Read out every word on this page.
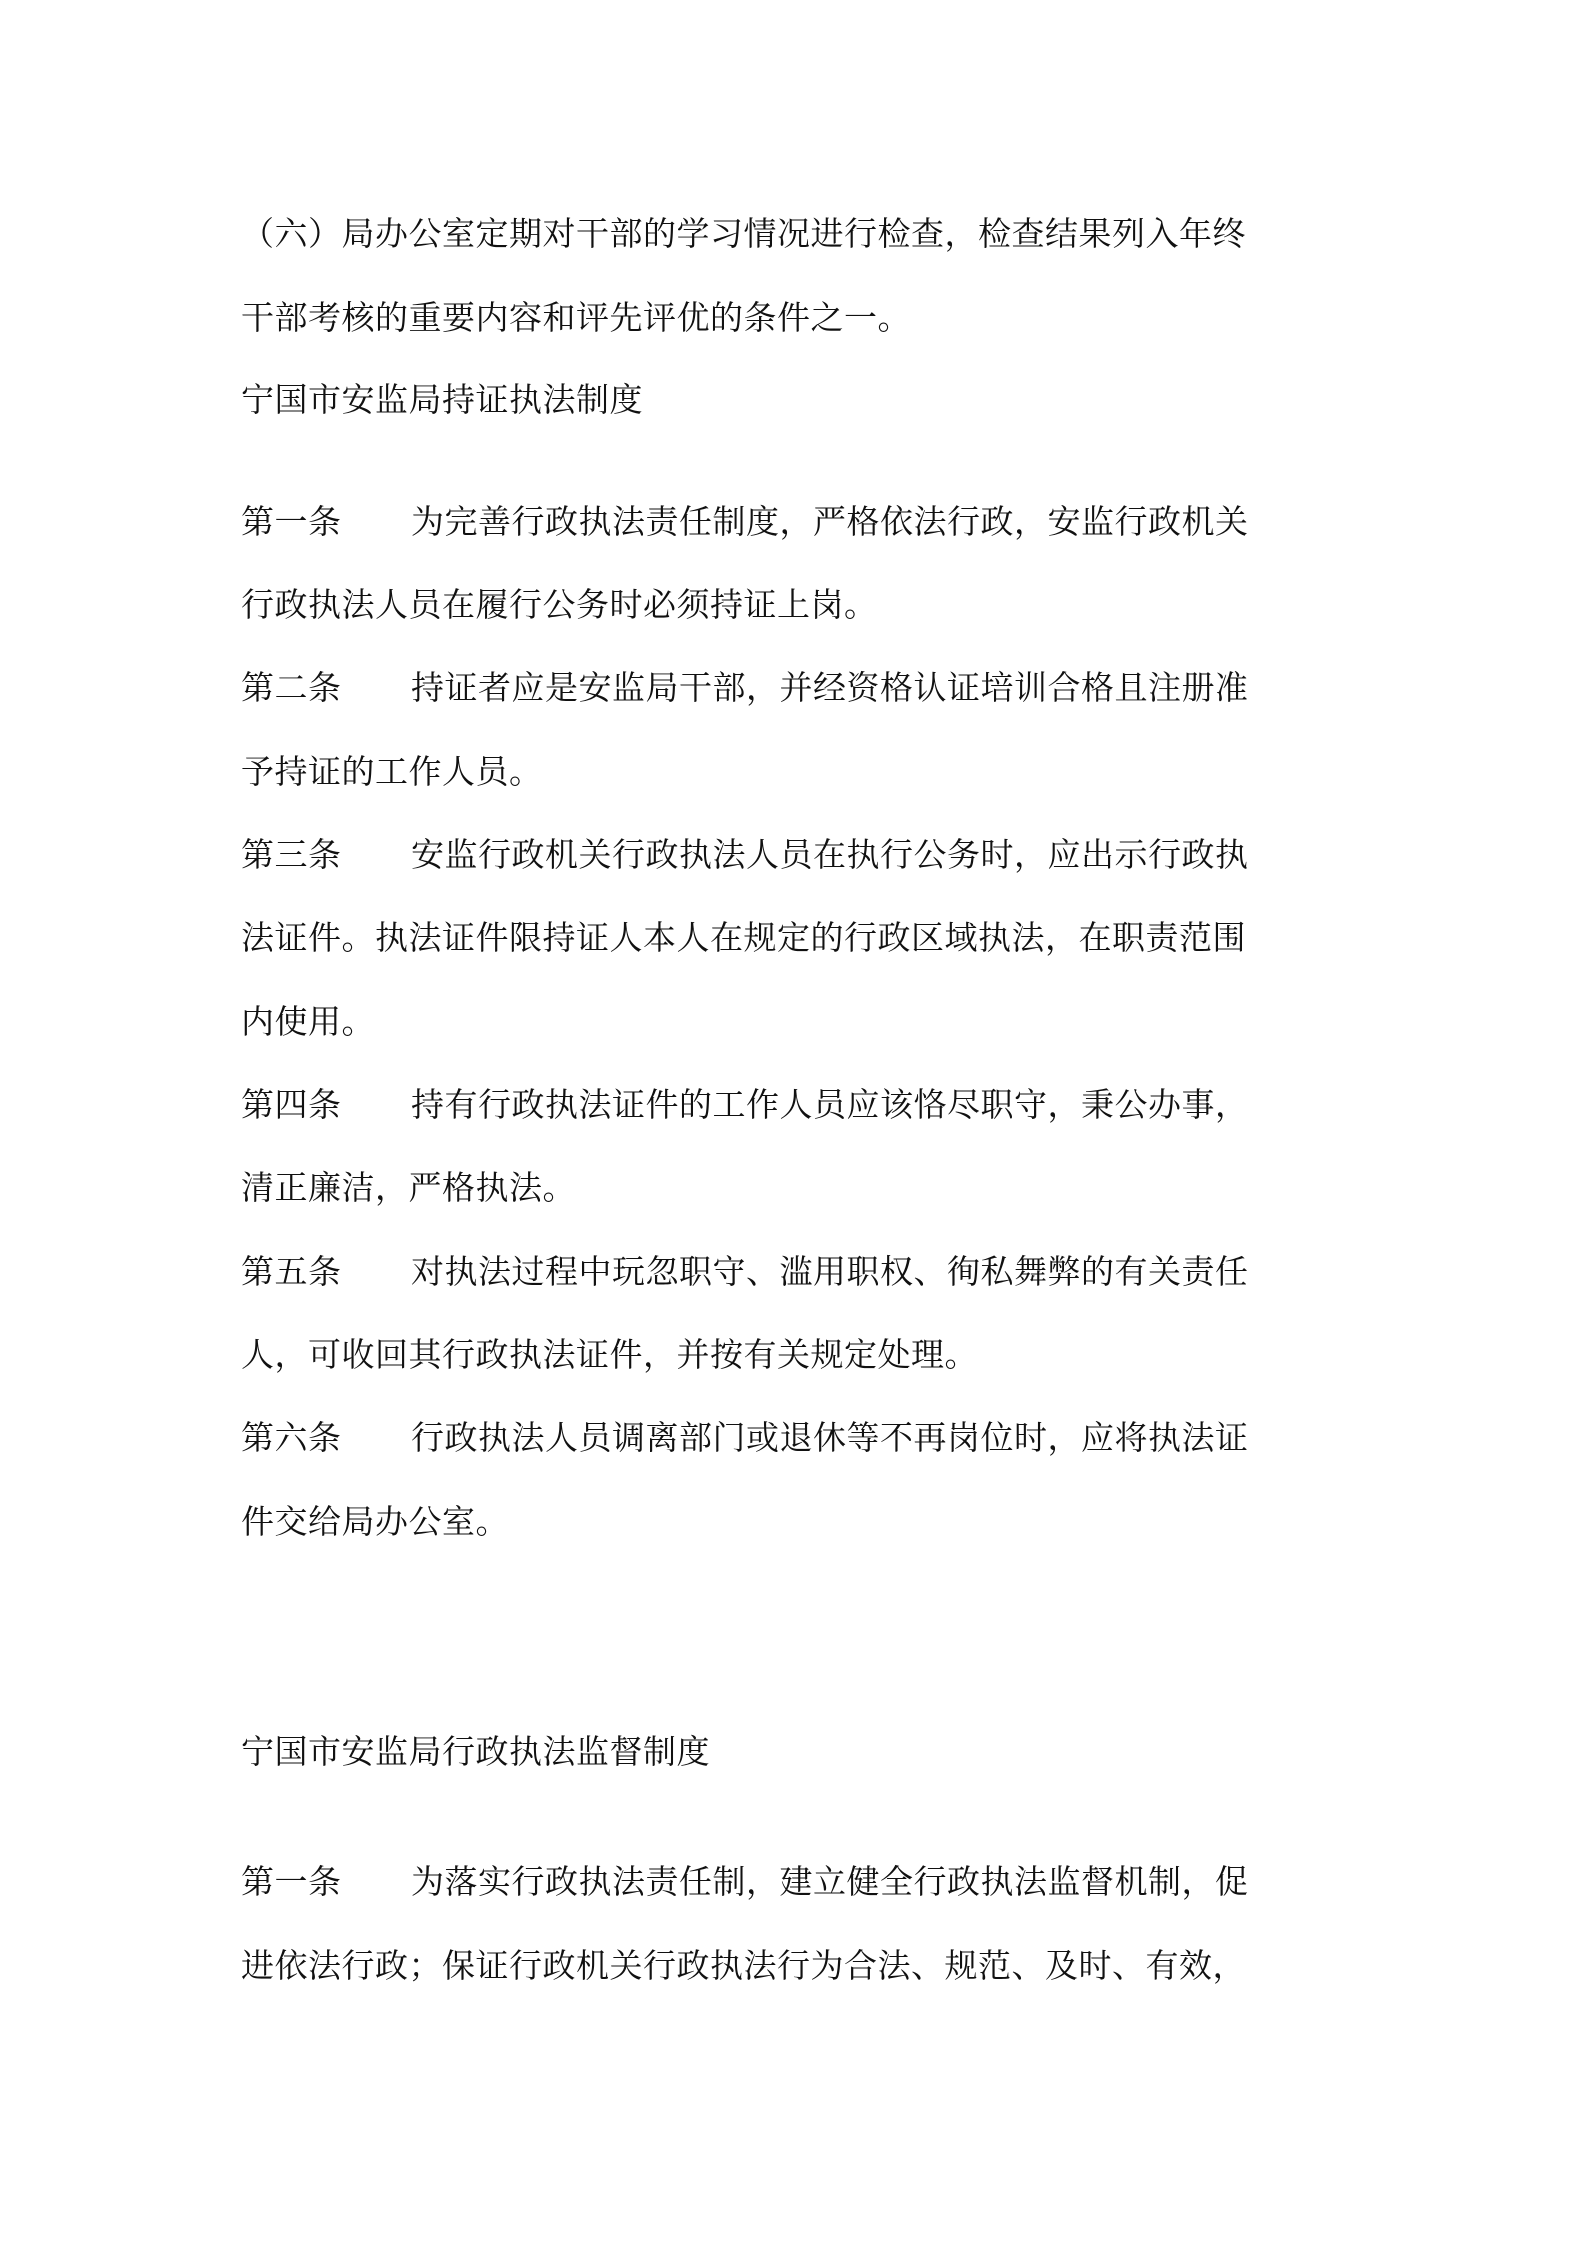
（六）局办公室定期对干部的学习情况进行检查，检查结果列入年终
干部考核的重要内容和评先评优的条件之一。
宁国市安监局持证执法制度
第一条 为完善行政执法责任制度，严格依法行政，安监行政机关
行政执法人员在履行公务时必须持证上岗。
第二条 持证者应是安监局干部，并经资格认证培训合格且注册准
予持证的工作人员。
第三条 安监行政机关行政执法人员在执行公务时，应出示行政执
法证件。执法证件限持证人本人在规定的行政区域执法，在职责范围
内使用。
第四条 持有行政执法证件的工作人员应该恪尽职守，秉公办事，
清正廉洁，严格执法。
第五条 对执法过程中玩忽职守、滥用职权、徇私舞弊的有关责任
人，可收回其行政执法证件，并按有关规定处理。
第六条 行政执法人员调离部门或退休等不再岗位时，应将执法证
件交给局办公室。
宁国市安监局行政执法监督制度
第一条 为落实行政执法责任制，建立健全行政执法监督机制，促
进依法行政；保证行政机关行政执法行为合法、规范、及时、有效，
